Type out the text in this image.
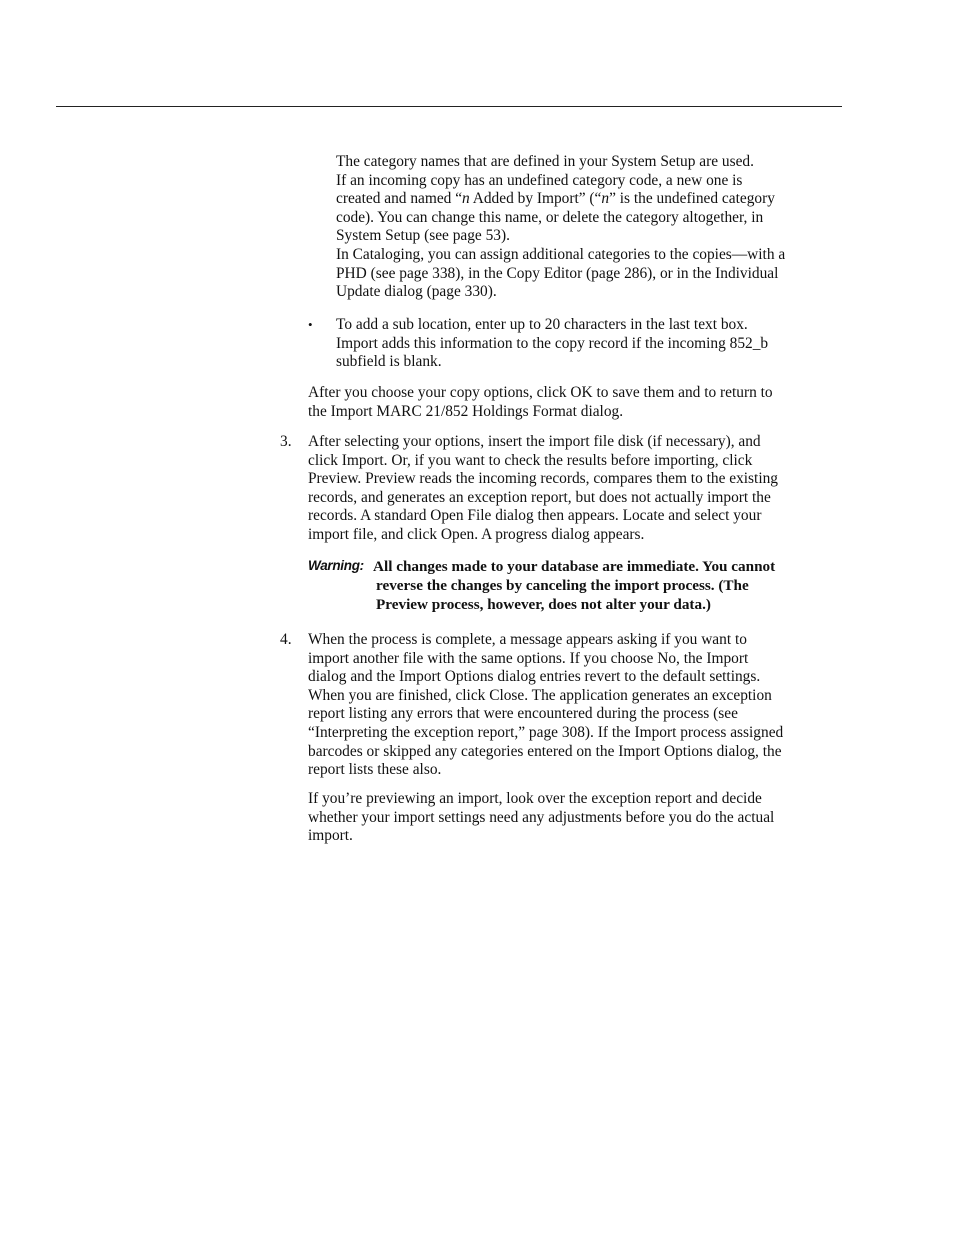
The category names that are defined in your System Setup are used.
If an incoming copy has an undefined category code, a new one is
created and named “n Added by Import” (“n” is the undefined category
code). You can change this name, or delete the category altogether, in
System Setup (see page 53).
In Cataloging, you can assign additional categories to the copies—with a
PHD (see page 338), in the Copy Editor (page 286), or in the Individual
Update dialog (page 330).
• To add a sub location, enter up to 20 characters in the last text box.
Import adds this information to the copy record if the incoming 852_b
subfield is blank.
After you choose your copy options, click OK to save them and to return to
the Import MARC 21/852 Holdings Format dialog.
3. After selecting your options, insert the import file disk (if necessary), and
click Import. Or, if you want to check the results before importing, click
Preview. Preview reads the incoming records, compares them to the existing
records, and generates an exception report, but does not actually import the
records. A standard Open File dialog then appears. Locate and select your
import file, and click Open. A progress dialog appears.
Warning: All changes made to your database are immediate. You cannot
reverse the changes by canceling the import process. (The
Preview process, however, does not alter your data.)
4. When the process is complete, a message appears asking if you want to
import another file with the same options. If you choose No, the Import
dialog and the Import Options dialog entries revert to the default settings.
When you are finished, click Close. The application generates an exception
report listing any errors that were encountered during the process (see
“Interpreting the exception report,” page 308). If the Import process assigned
barcodes or skipped any categories entered on the Import Options dialog, the
report lists these also.
If you’re previewing an import, look over the exception report and decide
whether your import settings need any adjustments before you do the actual
import.
